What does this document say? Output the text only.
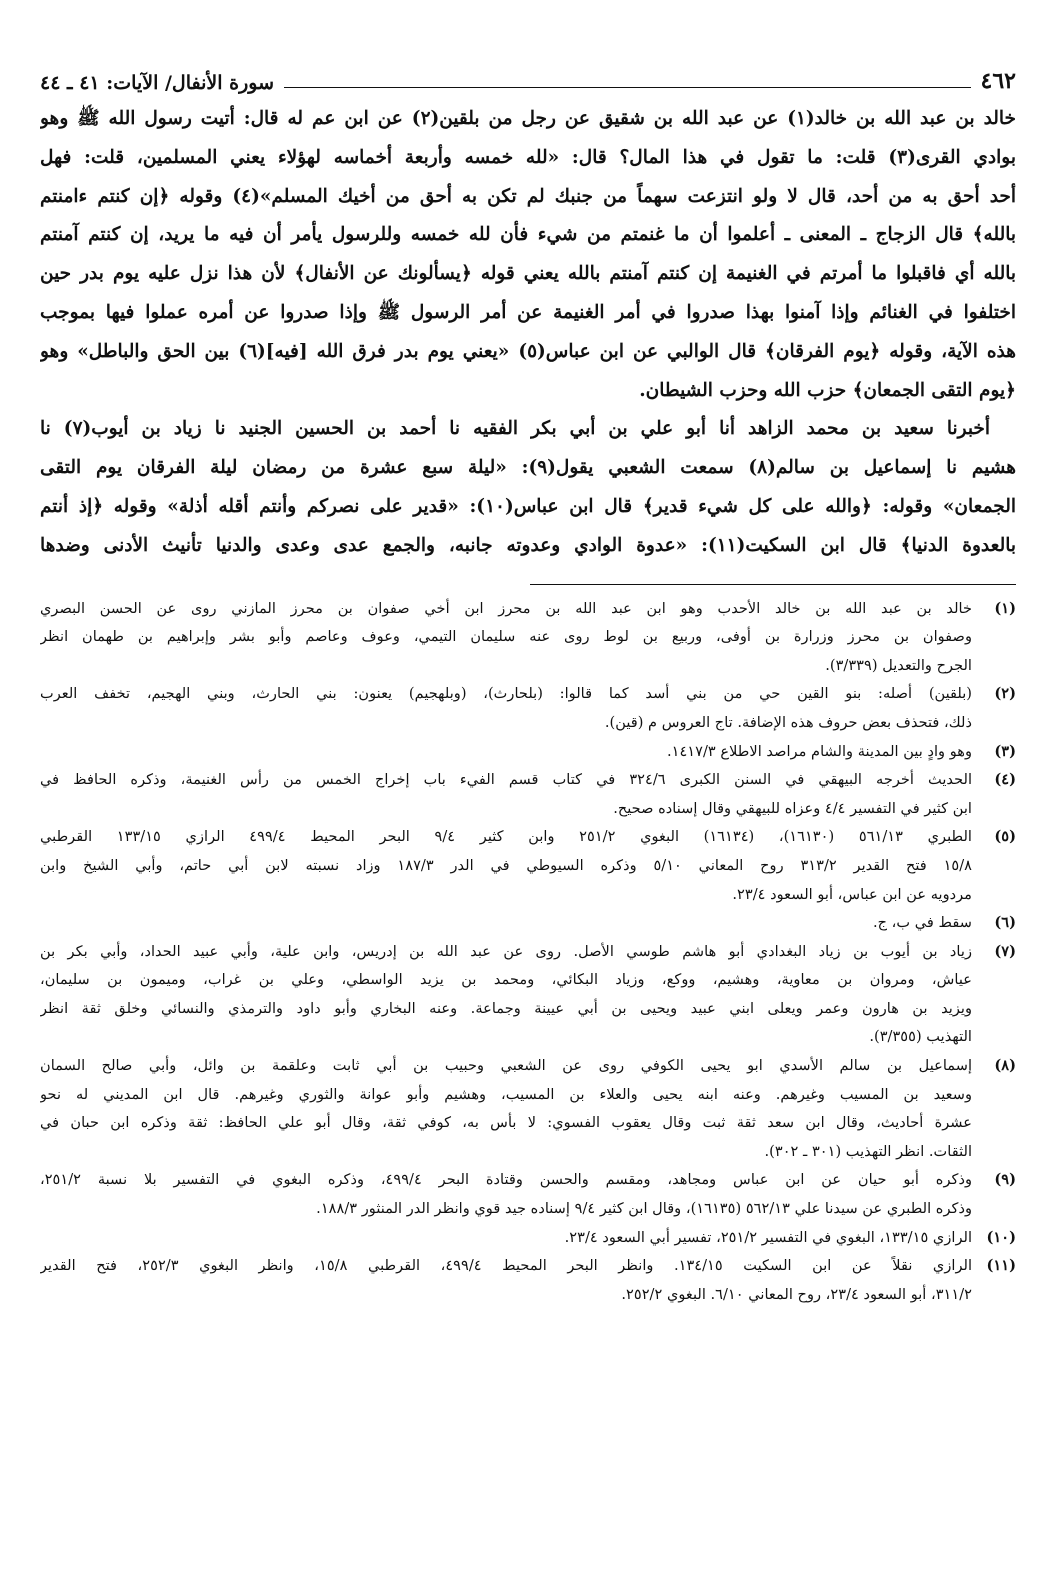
٤٦٢
سورة الأنفال/ الآيات: ٤١ ـ ٤٤
خالد بن عبد الله بن خالد(١) عن عبد الله بن شقيق عن رجل من بلقين(٢) عن ابن عم له قال: أتيت رسول الله ﷺ وهو
بوادي القرى(٣) قلت: ما تقول في هذا المال؟ قال: «لله خمسه وأربعة أخماسه لهؤلاء يعني المسلمين، قلت: فهل
أحد أحق به من أحد، قال لا ولو انتزعت سهماً من جنبك لم تكن به أحق من أخيك المسلم»(٤) وقوله ﴿إن كنتم ءامنتم
بالله﴾ قال الزجاج ـ المعنى ـ أعلموا أن ما غنمتم من شيء فأن لله خمسه وللرسول يأمر أن فيه ما يريد، إن كنتم آمنتم
بالله أي فاقبلوا ما أمرتم في الغنيمة إن كنتم آمنتم بالله يعني قوله ﴿يسألونك عن الأنفال﴾ لأن هذا نزل عليه يوم بدر حين
اختلفوا في الغنائم وإذا آمنوا بهذا صدروا في أمر الغنيمة عن أمر الرسول ﷺ وإذا صدروا عن أمره عملوا فيها بموجب
هذه الآية، وقوله ﴿يوم الفرقان﴾ قال الوالبي عن ابن عباس(٥) «يعني يوم بدر فرق الله [فيه](٦) بين الحق والباطل» وهو
﴿يوم التقى الجمعان﴾ حزب الله وحزب الشيطان.
أخبرنا سعيد بن محمد الزاهد أنا أبو علي بن أبي بكر الفقيه نا أحمد بن الحسين الجنيد نا زياد بن أيوب(٧) نا
هشيم نا إسماعيل بن سالم(٨) سمعت الشعبي يقول(٩): «ليلة سبع عشرة من رمضان ليلة الفرقان يوم التقى
الجمعان» وقوله: ﴿والله على كل شيء قدير﴾ قال ابن عباس(١٠): «قدير على نصركم وأنتم أقله أذلة» وقوله ﴿إذ أنتم
بالعدوة الدنيا﴾ قال ابن السكيت(١١): «عدوة الوادي وعدوته جانبه، والجمع عدى وعدى والدنيا تأنيث الأدنى وضدها
(١)
خالد بن عبد الله بن خالد الأحدب وهو ابن عبد الله بن محرز ابن أخي صفوان بن محرز المازني روى عن الحسن البصري
وصفوان بن محرز وزرارة بن أوفى، وربيع بن لوط روى عنه سليمان التيمي، وعوف وعاصم وأبو بشر وإبراهيم بن طهمان انظر
الجرح والتعديل (٣/٣٣٩).
(٢)
(بلقين) أصله: بنو القين حي من بني أسد كما قالوا: (بلحارث)، (وبلهجيم) يعنون: بني الحارث، وبني الهجيم، تخفف العرب
ذلك، فتحذف بعض حروف هذه الإضافة. تاج العروس م (قين).
(٣)
وهو وادٍ بين المدينة والشام مراصد الاطلاع ١٤١٧/٣.
(٤)
الحديث أخرجه البيهقي في السنن الكبرى ٣٢٤/٦ في كتاب قسم الفيء باب إخراج الخمس من رأس الغنيمة، وذكره الحافظ في
ابن كثير في التفسير ٤/٤ وعزاه للبيهقي وقال إسناده صحيح.
(٥)
الطبري ٥٦١/١٣ (١٦١٣٠)، (١٦١٣٤) البغوي ٢٥١/٢ وابن كثير ٩/٤ البحر المحيط ٤٩٩/٤ الرازي ١٣٣/١٥ القرطبي
١٥/٨ فتح القدير ٣١٣/٢ روح المعاني ٥/١٠ وذكره السيوطي في الدر ١٨٧/٣ وزاد نسبته لابن أبي حاتم، وأبي الشيخ وابن
مردويه عن ابن عباس، أبو السعود ٢٣/٤.
(٦)
سقط في ب، ج.
(٧)
زياد بن أيوب بن زياد البغدادي أبو هاشم طوسي الأصل. روى عن عبد الله بن إدريس، وابن علية، وأبي عبيد الحداد، وأبي بكر بن
عياش، ومروان بن معاوية، وهشيم، ووكع، وزياد البكائي، ومحمد بن يزيد الواسطي، وعلي بن غراب، وميمون بن سليمان،
ويزيد بن هارون وعمر ويعلى ابني عبيد ويحيى بن أبي عيينة وجماعة. وعنه البخاري وأبو داود والترمذي والنسائي وخلق ثقة انظر
التهذيب (٣/٣٥٥).
(٨)
إسماعيل بن سالم الأسدي ابو يحيى الكوفي روى عن الشعبي وحبيب بن أبي ثابت وعلقمة بن وائل، وأبي صالح السمان
وسعيد بن المسيب وغيرهم. وعنه ابنه يحيى والعلاء بن المسيب، وهشيم وأبو عوانة والثوري وغيرهم. قال ابن المديني له نحو
عشرة أحاديث، وقال ابن سعد ثقة ثبت وقال يعقوب الفسوي: لا بأس به، كوفي ثقة، وقال أبو علي الحافظ: ثقة وذكره ابن حبان في
الثقات. انظر التهذيب (٣٠١ ـ ٣٠٢).
(٩)
وذكره أبو حيان عن ابن عباس ومجاهد، ومقسم والحسن وقتادة البحر ٤٩٩/٤، وذكره البغوي في التفسير بلا نسبة ٢٥١/٢،
وذكره الطبري عن سيدنا علي ٥٦٢/١٣ (١٦١٣٥)، وقال ابن كثير ٩/٤ إسناده جيد قوي وانظر الدر المنثور ١٨٨/٣.
(١٠)
الرازي ١٣٣/١٥، البغوي في التفسير ٢٥١/٢، تفسير أبي السعود ٢٣/٤.
(١١)
الرازي نقلاً عن ابن السكيت ١٣٤/١٥. وانظر البحر المحيط ٤٩٩/٤، القرطبي ١٥/٨، وانظر البغوي ٢٥٢/٣، فتح القدير
٣١١/٢، أبو السعود ٢٣/٤، روح المعاني ٦/١٠. البغوي ٢٥٢/٢.
